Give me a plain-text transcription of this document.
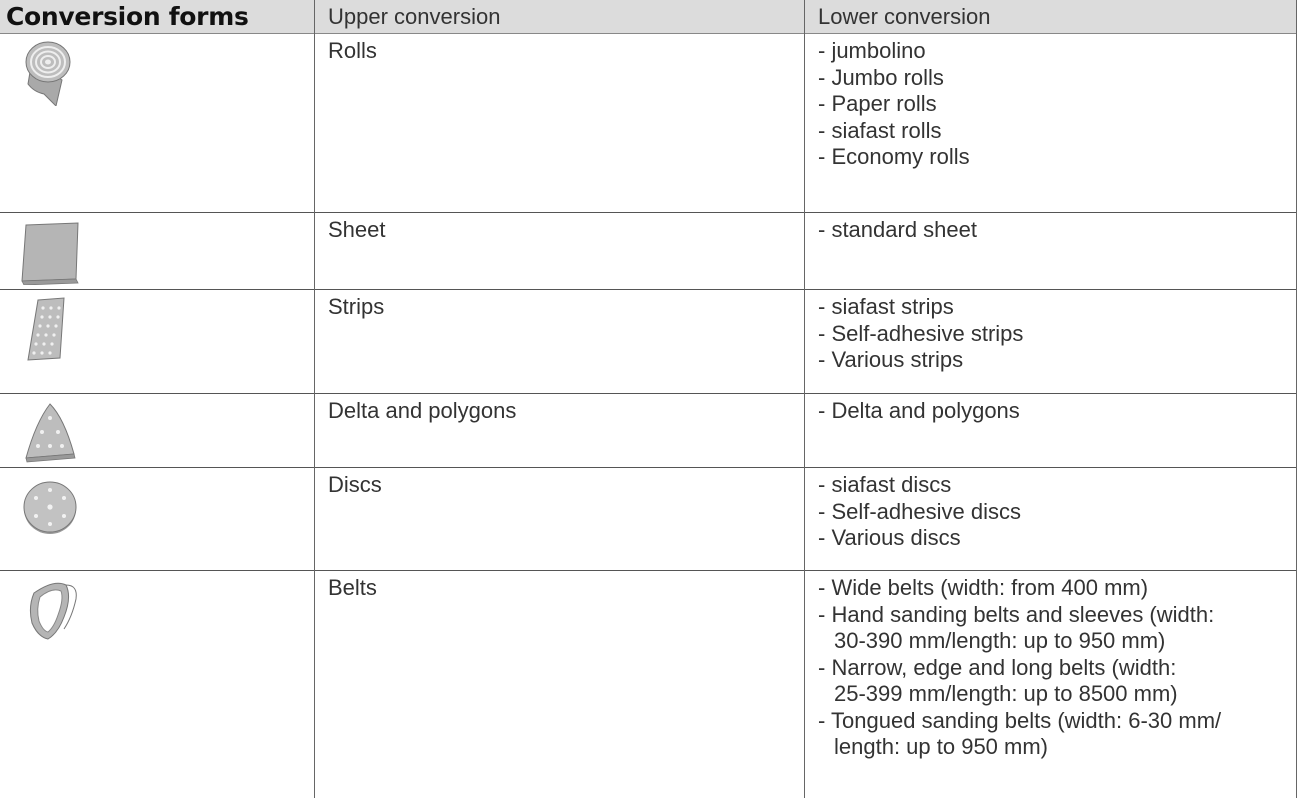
Conversion forms	Upper conversion	Lower conversion
Rolls	- jumbolino
- Jumbo rolls
- Paper rolls
- siafast rolls
- Economy rolls
Sheet	- standard sheet
Strips	- siafast strips
- Self-adhesive strips
- Various strips
Delta and polygons	- Delta and polygons
Discs	- siafast discs
- Self-adhesive discs
- Various discs
Belts	- Wide belts (width: from 400 mm)
- Hand sanding belts and sleeves (width:
30-390 mm/length: up to 950 mm)
- Narrow, edge and long belts (width:
25-399 mm/length: up to 8500 mm)
- Tongued sanding belts (width: 6-30 mm/
length: up to 950 mm)
